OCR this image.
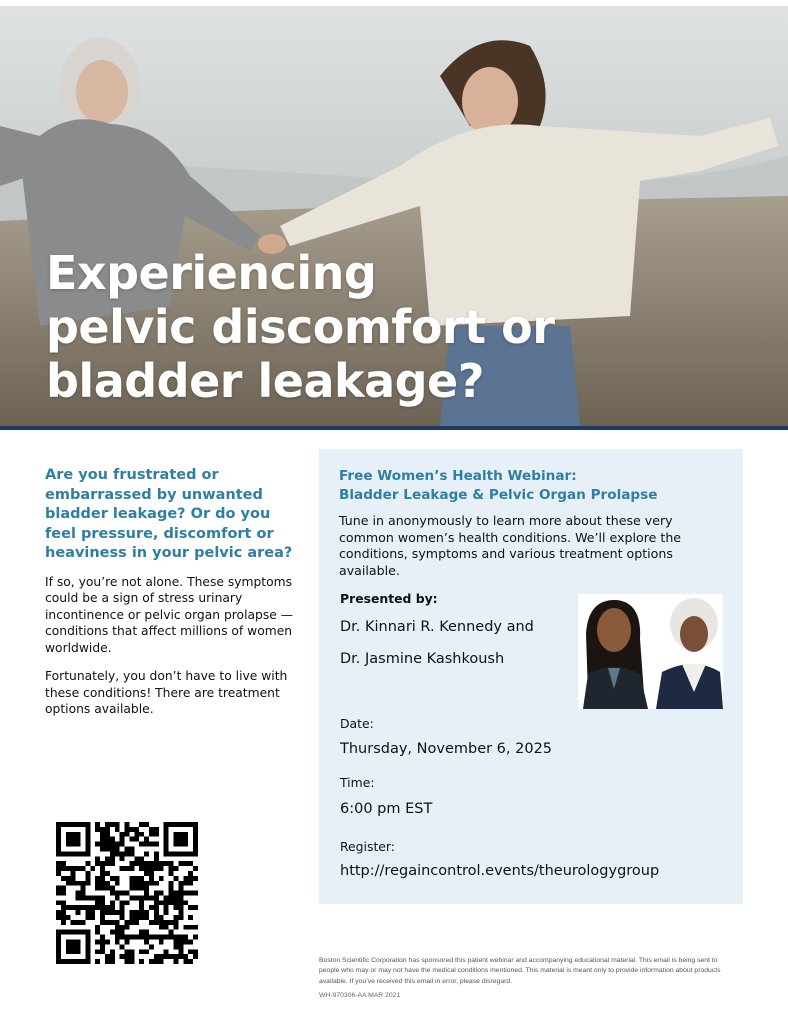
Experiencing
pelvic discomfort or
bladder leakage?
Are you frustrated or embarrassed by unwanted bladder leakage? Or do you feel pressure, discomfort or heaviness in your pelvic area?

If so, you’re not alone. These symptoms could be a sign of stress urinary incontinence or pelvic organ prolapse — conditions that affect millions of women worldwide.

Fortunately, you don’t have to live with these conditions! There are treatment options available.

Free Women’s Health Webinar:
Bladder Leakage & Pelvic Organ Prolapse
Tune in anonymously to learn more about these very common women’s health conditions. We’ll explore the conditions, symptoms and various treatment options available.
Presented by:
Dr. Kinnari R. Kennedy and
Dr. Jasmine Kashkoush
Date:
Thursday, November 6, 2025
Time:
6:00 pm EST
Register:
http://regaincontrol.events/theurologygroup
Boston Scientific Corporation has sponsored this patient webinar and accompanying educational material. This email is being sent to people who may or may not have the medical conditions mentioned. This material is meant only to provide information about products available. If you’ve received this email in error, please disregard.
WH-970306-AA MAR 2021
